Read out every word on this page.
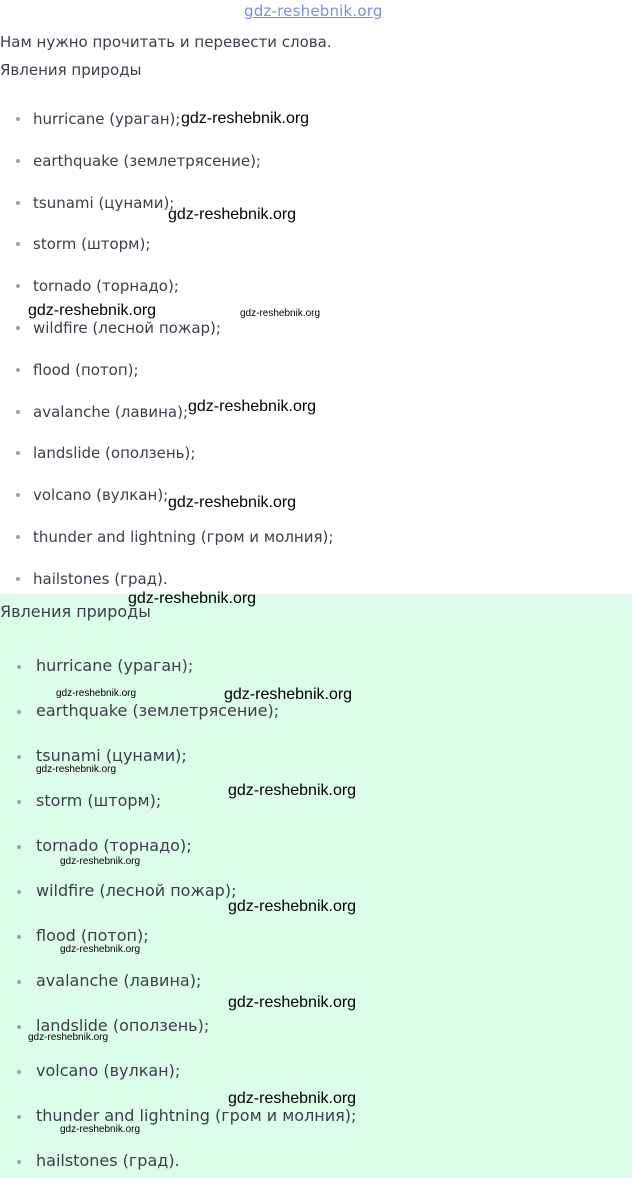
gdz-reshebnik.org
Нам нужно прочитать и перевести слова.
Явления природы
hurricane (ураган);
earthquake (землетрясение);
tsunami (цунами);
storm (шторм);
tornado (торнадо);
wildfire (лесной пожар);
flood (потоп);
avalanche (лавина);
landslide (оползень);
volcano (вулкан);
thunder and lightning (гром и молния);
hailstones (град).
Явления природы
hurricane (ураган);
earthquake (землетрясение);
tsunami (цунами);
storm (шторм);
tornado (торнадо);
wildfire (лесной пожар);
flood (потоп);
avalanche (лавина);
landslide (оползень);
volcano (вулкан);
thunder and lightning (гром и молния);
hailstones (град).
gdz-reshebnik.org
gdz-reshebnik.org
gdz-reshebnik.org	gdz-reshebnik.org
gdz-reshebnik.org
gdz-reshebnik.org
gdz-reshebnik.org
gdz-reshebnik.org	gdz-reshebnik.org
gdz-reshebnik.org
gdz-reshebnik.org
gdz-reshebnik.org
gdz-reshebnik.org
gdz-reshebnik.org
gdz-reshebnik.org
gdz-reshebnik.org
gdz-reshebnik.org
gdz-reshebnik.org
